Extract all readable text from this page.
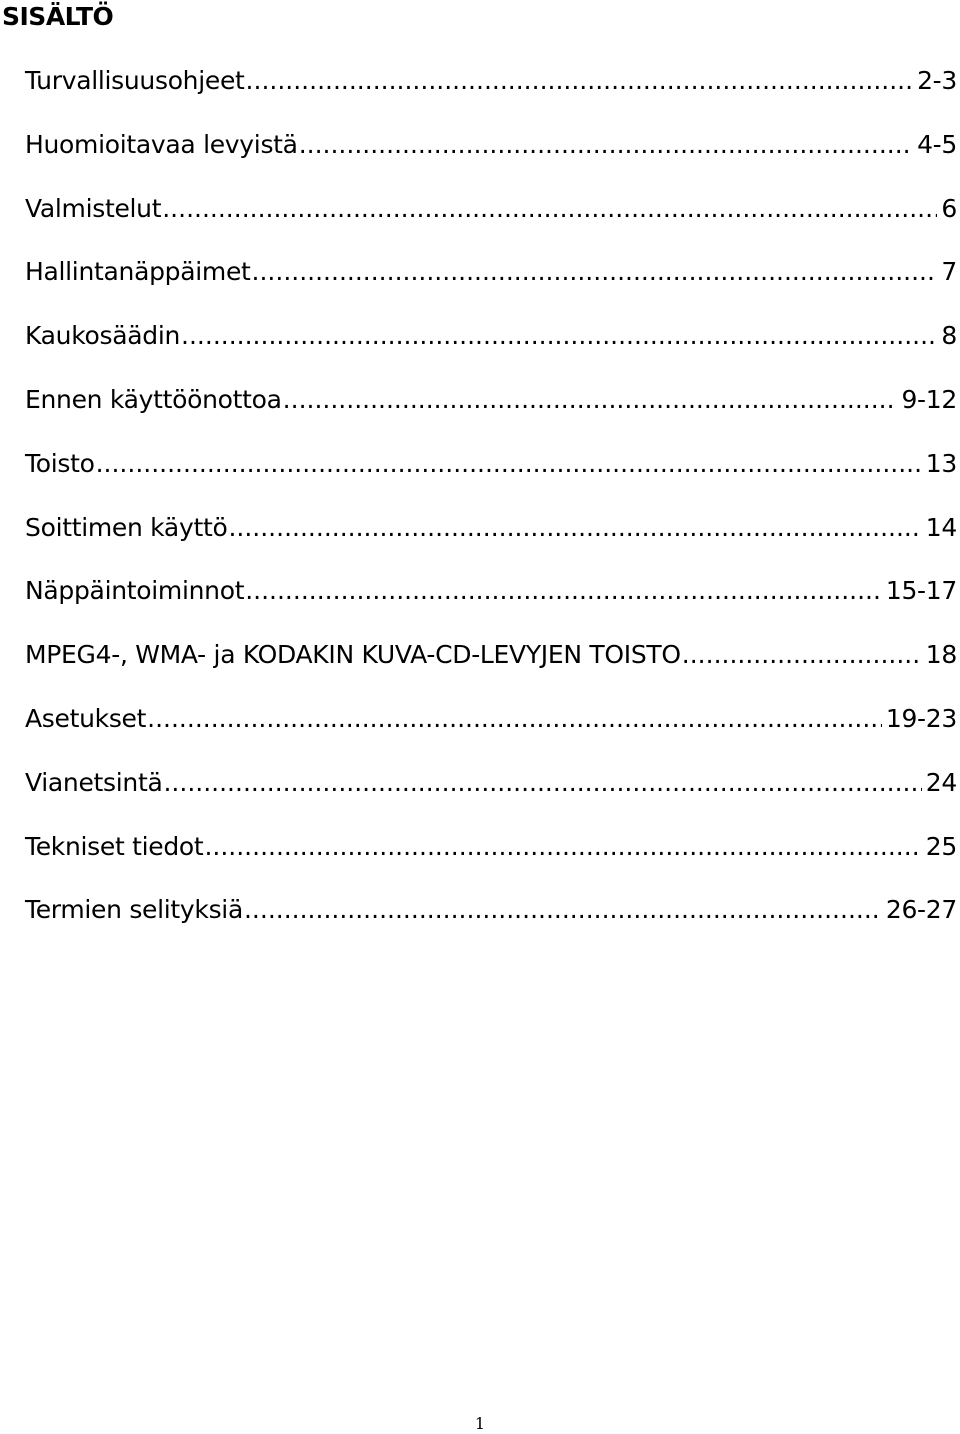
SISÄLTÖ
Turvallisuusohjeet .....	2-3
Huomioitavaa levyistä .....	4-5
Valmistelut .....	6
Hallintanäppäimet .....	7
Kaukosäädin .....	8
Ennen käyttöönottoa .....	9-12
Toisto .....	13
Soittimen käyttö .....	14
Näppäintoiminnot .....	15-17
MPEG4-, WMA- ja KODAKIN KUVA-CD-LEVYJEN TOISTO .....	18
Asetukset .....	19-23
Vianetsintä .....	24
Tekniset tiedot .....	25
Termien selityksiä .....	26-27

1
